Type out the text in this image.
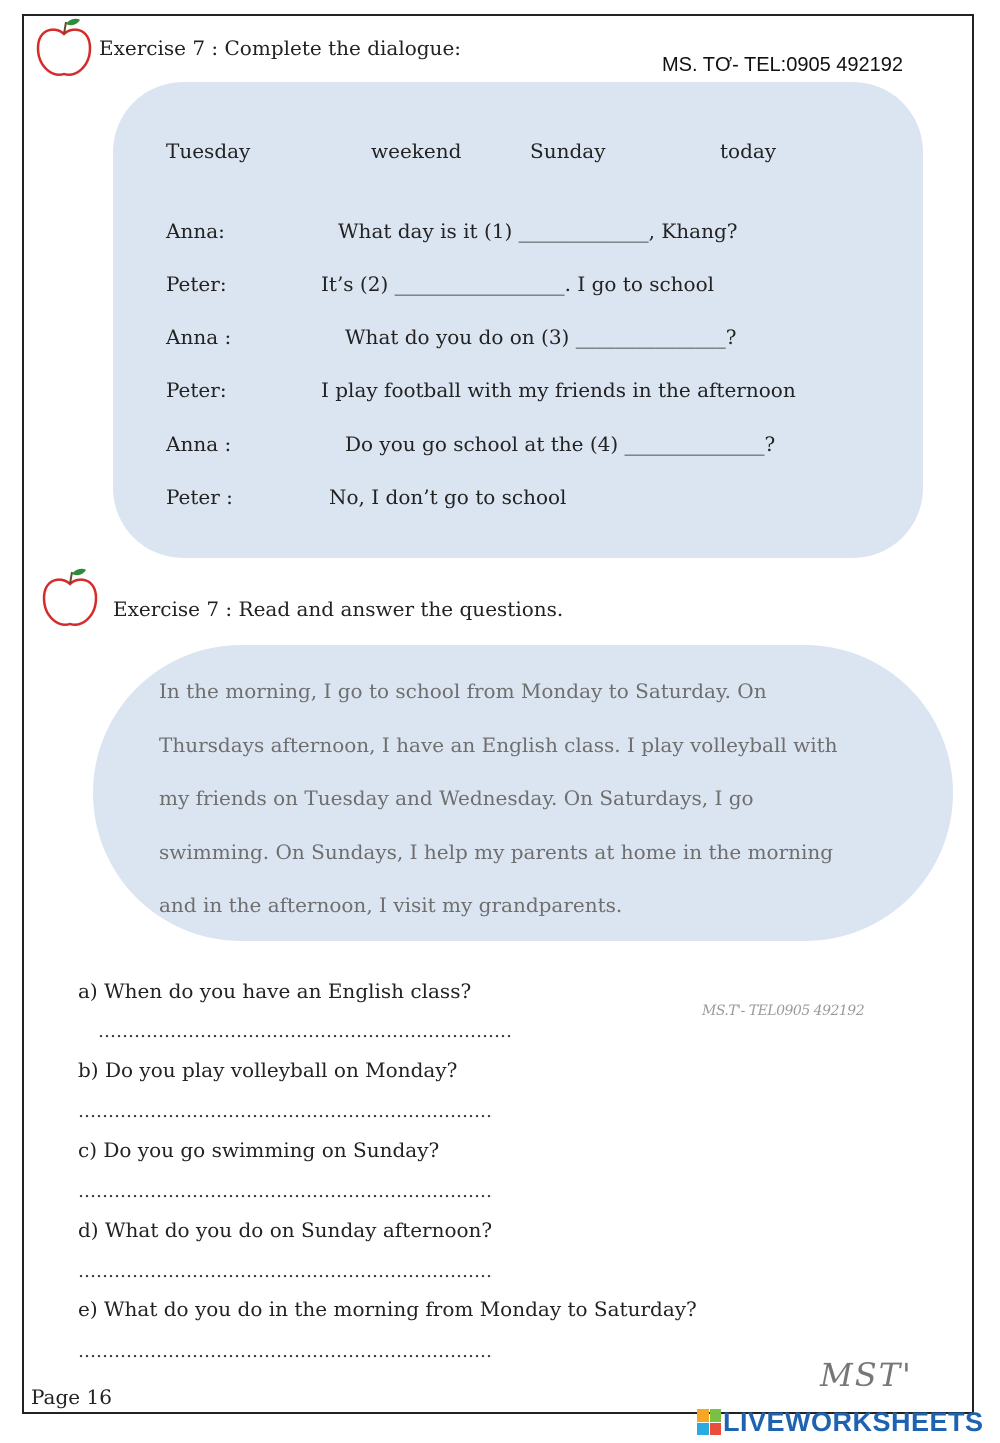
Exercise 7 : Complete the dialogue:
MS. TƠ- TEL:0905 492192
Tuesday	weekend	Sunday	today
Anna:	What day is it (1) _____________, Khang?
Peter:	It’s (2) _________________. I go to school
Anna :	What do you do on (3) _______________?
Peter:	I play football with my friends in the afternoon
Anna :	Do you go school at the (4) ______________?
Peter :	No, I don’t go to school
Exercise 7 : Read and answer the questions.
In the morning, I go to school from Monday to Saturday. On
Thursdays afternoon, I have an English class. I play volleyball with
my friends on Tuesday and Wednesday. On Saturdays, I go
swimming. On Sundays, I help my parents at home in the morning
and in the afternoon, I visit my grandparents.
a) When do you have an English class?
……………………………………………………………
MS.T'- TEL0905 492192
b) Do you play volleyball on Monday?
……………………………………………………………
c) Do you go swimming on Sunday?
……………………………………………………………
d) What do you do on Sunday afternoon?
……………………………………………………………
e) What do you do in the morning from Monday to Saturday?
……………………………………………………………
Page 16
MST'
LIVEWORKSHEETS
